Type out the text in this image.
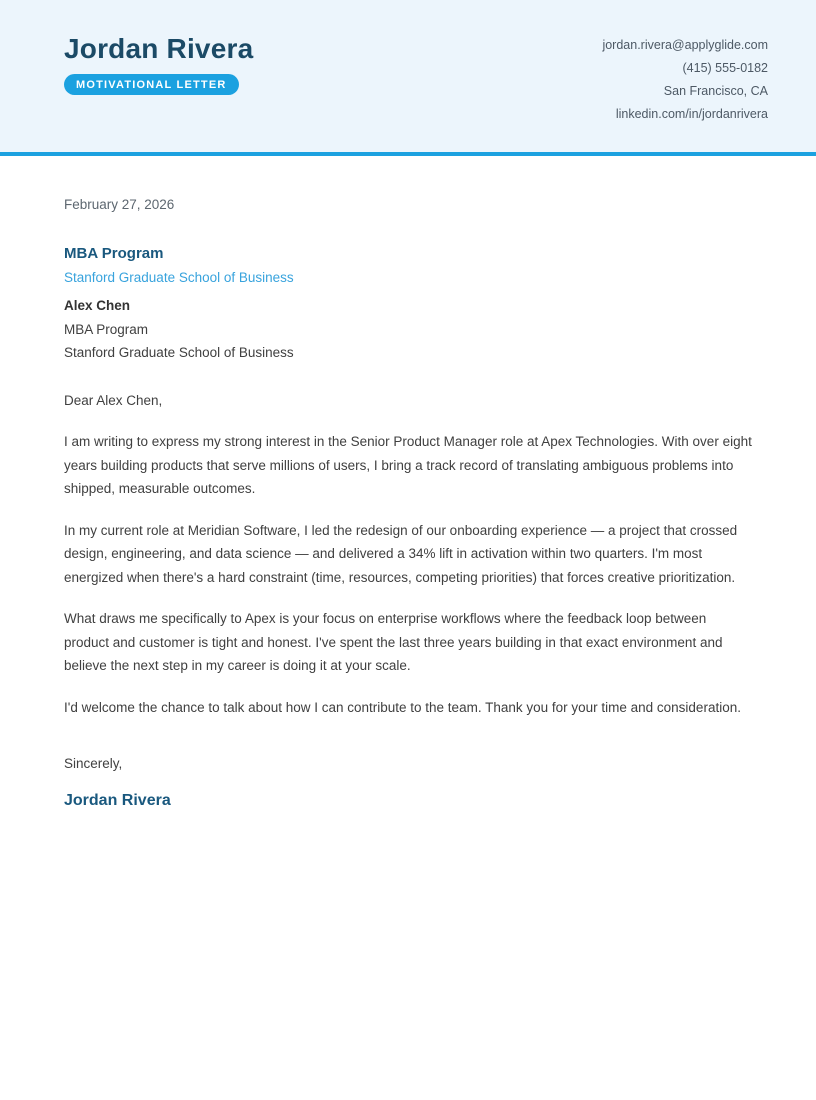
Jordan Rivera
MOTIVATIONAL LETTER
jordan.rivera@applyglide.com
(415) 555-0182
San Francisco, CA
linkedin.com/in/jordanrivera
February 27, 2026
MBA Program
Stanford Graduate School of Business
Alex Chen
MBA Program
Stanford Graduate School of Business

Dear Alex Chen,

I am writing to express my strong interest in the Senior Product Manager role at Apex Technologies. With over eight years building products that serve millions of users, I bring a track record of translating ambiguous problems into shipped, measurable outcomes.

In my current role at Meridian Software, I led the redesign of our onboarding experience — a project that crossed design, engineering, and data science — and delivered a 34% lift in activation within two quarters. I'm most energized when there's a hard constraint (time, resources, competing priorities) that forces creative prioritization.

What draws me specifically to Apex is your focus on enterprise workflows where the feedback loop between product and customer is tight and honest. I've spent the last three years building in that exact environment and believe the next step in my career is doing it at your scale.

I'd welcome the chance to talk about how I can contribute to the team. Thank you for your time and consideration.

Sincerely,

Jordan Rivera
